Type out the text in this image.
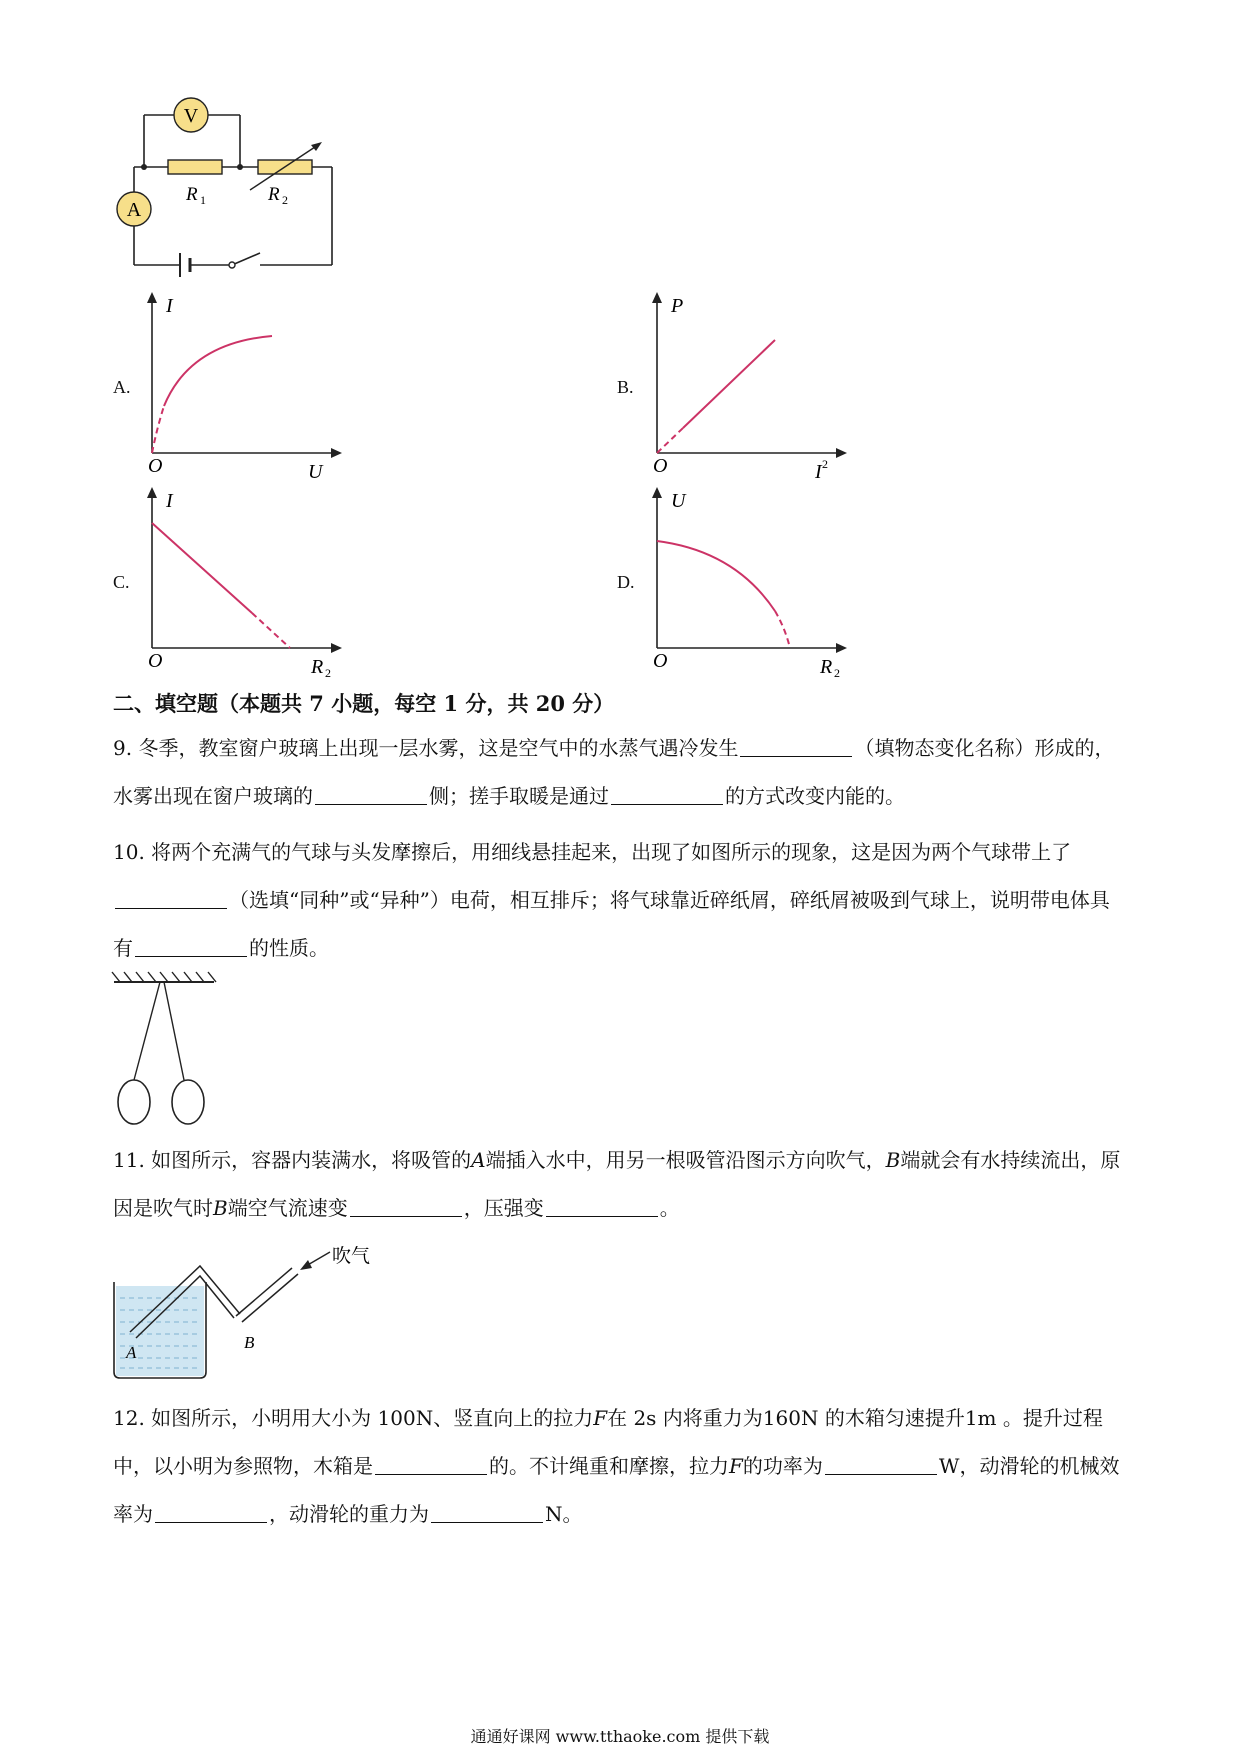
V
A
R 1	R 2
A.
I
O	U
B.
P
O	I 2
C.
I
O	R 2
D.
U
O	R 2
二、填空题（本题共 7 小题，每空 1 分，共 20 分）
9. 冬季，教室窗户玻璃上出现一层水雾，这是空气中的水蒸气遇冷发生	（填物态变化名称）形成的，水雾出现在窗户玻璃的	侧；搓手取暖是通过	的方式改变内能的。
10. 将两个充满气的气球与头发摩擦后，用细线悬挂起来，出现了如图所示的现象，这是因为两个气球带上了（选填“同种”或“异种”）电荷，相互排斥；将气球靠近碎纸屑，碎纸屑被吸到气球上，说明带电体具有	的性质。
11. 如图所示，容器内装满水，将吸管的A端插入水中，用另一根吸管沿图示方向吹气，B端就会有水持续流出，原因是吹气时B端空气流速变	，压强变	。
吹气
A
B
12. 如图所示，小明用大小为 100N、竖直向上的拉力F在 2s 内将重力为160N 的木箱匀速提升1m 。提升过程中，以小明为参照物，木箱是	的。不计绳重和摩擦，拉力F的功率为	W，动滑轮的机械效率为	，动滑轮的重力为	N。
通通好课网 www.tthaoke.com 提供下载
